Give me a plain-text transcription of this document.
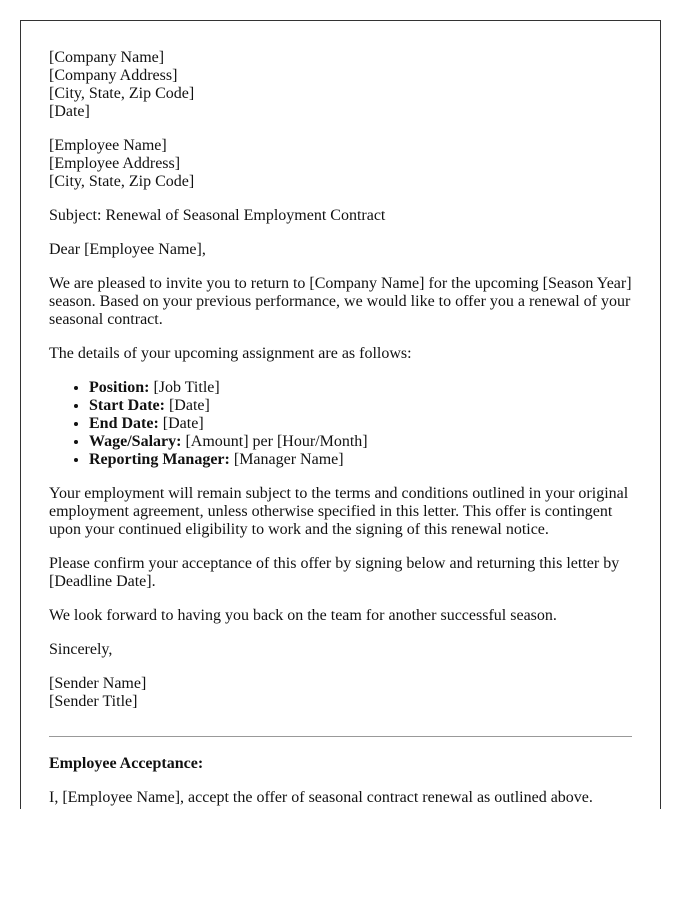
[Company Name]
[Company Address]
[City, State, Zip Code]
[Date]

[Employee Name]
[Employee Address]
[City, State, Zip Code]

Subject: Renewal of Seasonal Employment Contract

Dear [Employee Name],

We are pleased to invite you to return to [Company Name] for the upcoming [Season Year] season. Based on your previous performance, we would like to offer you a renewal of your seasonal contract.

The details of your upcoming assignment are as follows:

• Position: [Job Title]
• Start Date: [Date]
• End Date: [Date]
• Wage/Salary: [Amount] per [Hour/Month]
• Reporting Manager: [Manager Name]

Your employment will remain subject to the terms and conditions outlined in your original employment agreement, unless otherwise specified in this letter. This offer is contingent upon your continued eligibility to work and the signing of this renewal notice.

Please confirm your acceptance of this offer by signing below and returning this letter by [Deadline Date].

We look forward to having you back on the team for another successful season.

Sincerely,

[Sender Name]
[Sender Title]

Employee Acceptance:

I, [Employee Name], accept the offer of seasonal contract renewal as outlined above.
